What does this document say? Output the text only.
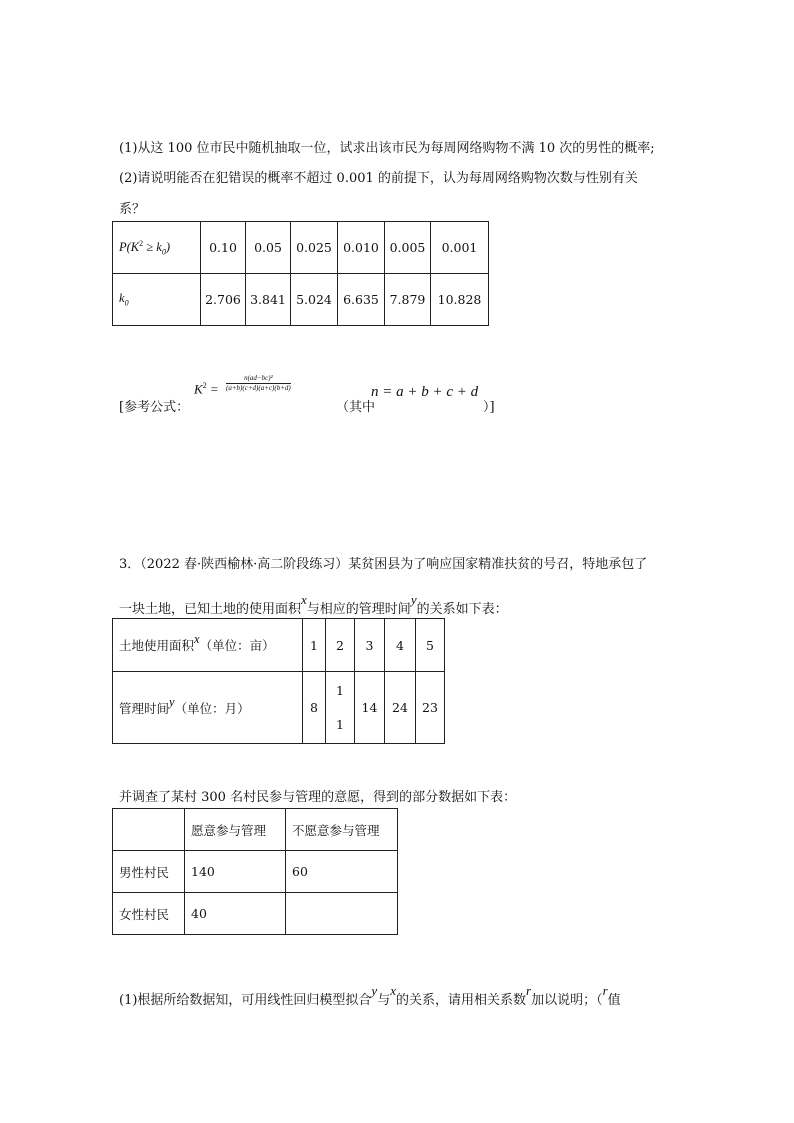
(1)从这 100 位市民中随机抽取一位，试求出该市民为每周网络购物不满 10 次的男性的概率;
(2)请说明能否在犯错误的概率不超过 0.001 的前提下，认为每周网络购物次数与性别有关
系？
$P(K^2 \ge k_0)$	0.10	0.05	0.025	0.010	0.005	0.001
$k_0$	2.706	3.841	5.024	6.635	7.879	10.828
[参考公式：
$K^2 = \frac{\text{n(ad−bc)²}}{(a+b)(c+d)(a+c)(b+d)}$
（其中
n = a + b + c + d
）]
3．（2022 春·陕西榆林·高二阶段练习）某贫困县为了响应国家精准扶贫的号召，特地承包了
一块土地，已知土地的使用面积x与相应的管理时间y的关系如下表：
土地使用面积x（单位：亩）	1	2	3	4	5
管理时间y（单位：月）	8	1
1	14	24	23
并调查了某村 300 名村民参与管理的意愿，得到的部分数据如下表：
	愿意参与管理	不愿意参与管理
男性村民	140	60
女性村民	40	
(1)根据所给数据知，可用线性回归模型拟合y与x的关系，请用相关系数r加以说明；（r值
